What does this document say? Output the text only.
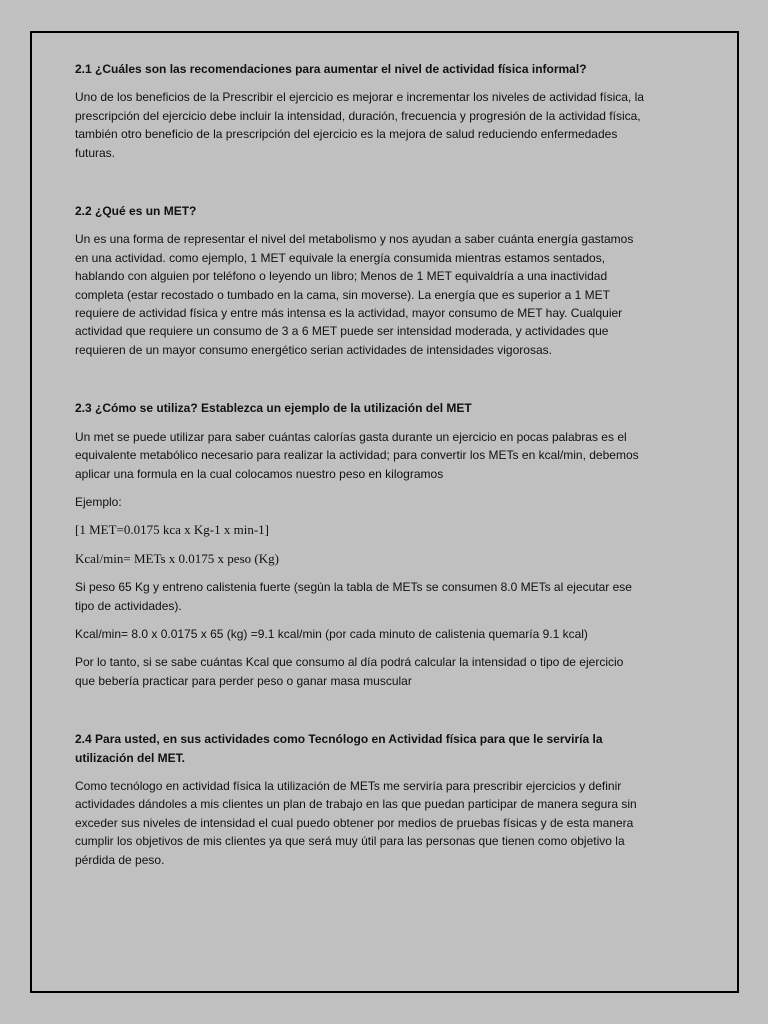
2.1 ¿Cuáles son las recomendaciones para aumentar el nivel de actividad física informal?

Uno de los beneficios de la Prescribir el ejercicio es mejorar e incrementar los niveles de actividad física, la prescripción del ejercicio debe incluir la intensidad, duración, frecuencia y progresión de la actividad física, también otro beneficio de la prescripción del ejercicio es la mejora de salud reduciendo enfermedades futuras.

2.2 ¿Qué es un MET?

Un es una forma de representar el nivel del metabolismo y nos ayudan a saber cuánta energía gastamos en una actividad. como ejemplo, 1 MET equivale la energía consumida mientras estamos sentados, hablando con alguien por teléfono o leyendo un libro; Menos de 1 MET equivaldría a una inactividad completa (estar recostado o tumbado en la cama, sin moverse). La energía que es superior a 1 MET requiere de actividad física y entre más intensa es la actividad, mayor consumo de MET hay. Cualquier actividad que requiere un consumo de 3 a 6 MET puede ser intensidad moderada, y actividades que requieren de un mayor consumo energético serian actividades de intensidades vigorosas.

2.3 ¿Cómo se utiliza? Establezca un ejemplo de la utilización del MET

Un met se puede utilizar para saber cuántas calorías gasta durante un ejercicio en pocas palabras es el equivalente metabólico necesario para realizar la actividad; para convertir los METs en kcal/min, debemos aplicar una formula en la cual colocamos nuestro peso en kilogramos

Ejemplo:

[1 MET=0.0175 kca x Kg-1 x min-1]

Kcal/min= METs x 0.0175 x peso (Kg)

Si peso 65 Kg y entreno calistenia fuerte (según la tabla de METs se consumen 8.0 METs al ejecutar ese tipo de actividades).

Kcal/min= 8.0 x 0.0175 x 65 (kg) =9.1 kcal/min (por cada minuto de calistenia quemaría 9.1 kcal)

Por lo tanto, si se sabe cuántas Kcal que consumo al día podrá calcular la intensidad o tipo de ejercicio que bebería practicar para perder peso o ganar masa muscular

2.4 Para usted, en sus actividades como Tecnólogo en Actividad física para que le serviría la utilización del MET.

Como tecnólogo en actividad física la utilización de METs me serviría para prescribir ejercicios y definir actividades dándoles a mis clientes un plan de trabajo en las que puedan participar de manera segura sin exceder sus niveles de intensidad el cual puedo obtener por medios de pruebas físicas y de esta manera cumplir los objetivos de mis clientes ya que será muy útil para las personas que tienen como objetivo la pérdida de peso.
